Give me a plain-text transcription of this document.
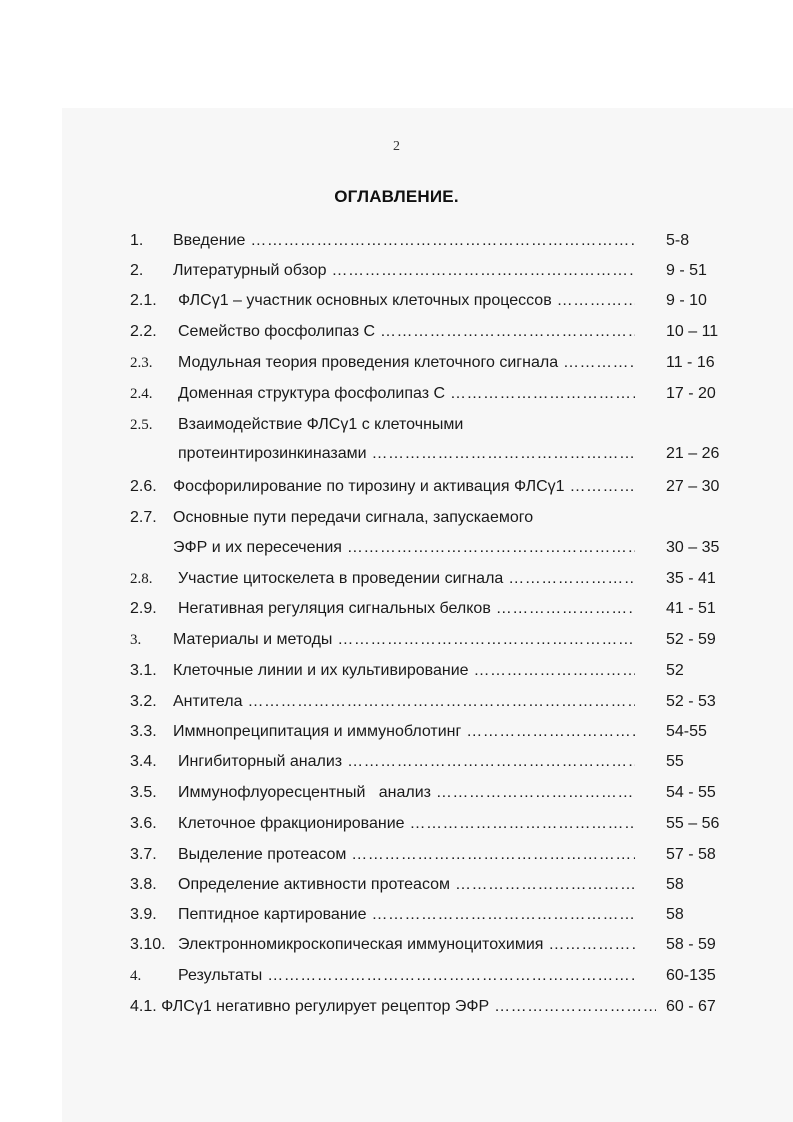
2
ОГЛАВЛЕНИЕ.
1. Введение …………………………………………………………………………………………………………………………………………	5-8
2. Литературный обзор …………………………………………………………………………………………………………………………………………	9 - 51
2.1. ФЛСγ1 – участник основных клеточных процессов …………………………………………………………………………………………………………………………………………	9 - 10
2.2. Семейство фосфолипаз С …………………………………………………………………………………………………………………………………………	10 – 11
2.3. Модульная теория проведения клеточного сигнала …………………………………………………………………………………………………………………………………………	11 - 16
2.4. Доменная структура фосфолипаз С …………………………………………………………………………………………………………………………………………	17 - 20
2.5. Взаимодействие ФЛСγ1 с клеточными
протеинтирозинкиназами …………………………………………………………………………………………………………………………………………	21 – 26
2.6. Фосфорилирование по тирозину и активация ФЛСγ1 …………………………………………………………………………………………………………………………………………	27 – 30
2.7. Основные пути передачи сигнала, запускаемого
ЭФР и их пересечения …………………………………………………………………………………………………………………………………………	30 – 35
2.8. Участие цитоскелета в проведении сигнала …………………………………………………………………………………………………………………………………………	35 - 41
2.9. Негативная регуляция сигнальных белков …………………………………………………………………………………………………………………………………………	41 - 51
3. Материалы и методы …………………………………………………………………………………………………………………………………………	52 - 59
3.1. Клеточные линии и их культивирование …………………………………………………………………………………………………………………………………………	52
3.2. Антитела …………………………………………………………………………………………………………………………………………	52 - 53
3.3. Иммнопреципитация и иммуноблотинг …………………………………………………………………………………………………………………………………………	54-55
3.4. Ингибиторный анализ …………………………………………………………………………………………………………………………………………	55
3.5. Иммунофлуоресцентный   анализ …………………………………………………………………………………………………………………………………………	54 - 55
3.6. Клеточное фракционирование …………………………………………………………………………………………………………………………………………	55 – 56
3.7. Выделение протеасом …………………………………………………………………………………………………………………………………………	57 - 58
3.8. Определение активности протеасом …………………………………………………………………………………………………………………………………………	58
3.9. Пептидное картирование …………………………………………………………………………………………………………………………………………	58
3.10. Электронномикроскопическая иммуноцитохимия …………………………………………………………………………………………………………………………………………	58 - 59
4. Результаты …………………………………………………………………………………………………………………………………………	60-135
4.1. ФЛСγ1 негативно регулирует рецептор ЭФР …………………………………………………………………………………………………………………………………………	60 - 67
